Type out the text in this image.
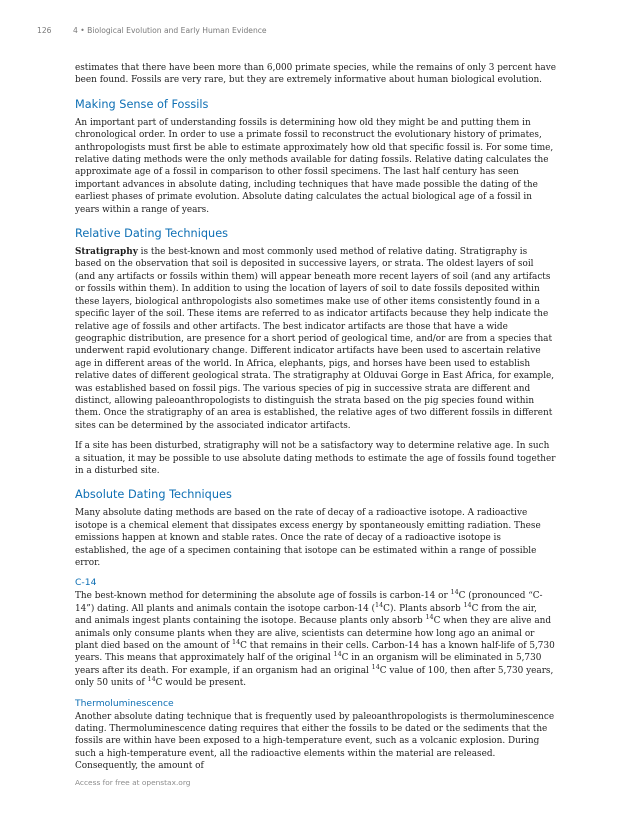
126	4 • Biological Evolution and Early Human Evidence

estimates that there have been more than 6,000 primate species, while the remains of only 3 percent have been found. Fossils are very rare, but they are extremely informative about human biological evolution.

Making Sense of Fossils

An important part of understanding fossils is determining how old they might be and putting them in chronological order. In order to use a primate fossil to reconstruct the evolutionary history of primates, anthropologists must first be able to estimate approximately how old that specific fossil is. For some time, relative dating methods were the only methods available for dating fossils. Relative dating calculates the approximate age of a fossil in comparison to other fossil specimens. The last half century has seen important advances in absolute dating, including techniques that have made possible the dating of the earliest phases of primate evolution. Absolute dating calculates the actual biological age of a fossil in years within a range of years.

Relative Dating Techniques

Stratigraphy is the best-known and most commonly used method of relative dating. Stratigraphy is based on the observation that soil is deposited in successive layers, or strata. The oldest layers of soil (and any artifacts or fossils within them) will appear beneath more recent layers of soil (and any artifacts or fossils within them). In addition to using the location of layers of soil to date fossils deposited within these layers, biological anthropologists also sometimes make use of other items consistently found in a specific layer of the soil. These items are referred to as indicator artifacts because they help indicate the relative age of fossils and other artifacts. The best indicator artifacts are those that have a wide geographic distribution, are presence for a short period of geological time, and/or are from a species that underwent rapid evolutionary change. Different indicator artifacts have been used to ascertain relative age in different areas of the world. In Africa, elephants, pigs, and horses have been used to establish relative dates of different geological strata. The stratigraphy at Olduvai Gorge in East Africa, for example, was established based on fossil pigs. The various species of pig in successive strata are different and distinct, allowing paleoanthropologists to distinguish the strata based on the pig species found within them. Once the stratigraphy of an area is established, the relative ages of two different fossils in different sites can be determined by the associated indicator artifacts.

If a site has been disturbed, stratigraphy will not be a satisfactory way to determine relative age. In such a situation, it may be possible to use absolute dating methods to estimate the age of fossils found together in a disturbed site.

Absolute Dating Techniques

Many absolute dating methods are based on the rate of decay of a radioactive isotope. A radioactive isotope is a chemical element that dissipates excess energy by spontaneously emitting radiation. These emissions happen at known and stable rates. Once the rate of decay of a radioactive isotope is established, the age of a specimen containing that isotope can be estimated within a range of possible error.

C-14

The best-known method for determining the absolute age of fossils is carbon-14 or $^{14}$C (pronounced “C-14”) dating. All plants and animals contain the isotope carbon-14 ($^{14}$C). Plants absorb $^{14}$C from the air, and animals ingest plants containing the isotope. Because plants only absorb $^{14}$C when they are alive and animals only consume plants when they are alive, scientists can determine how long ago an animal or plant died based on the amount of $^{14}$C that remains in their cells. Carbon-14 has a known half-life of 5,730 years. This means that approximately half of the original $^{14}$C in an organism will be eliminated in 5,730 years after its death. For example, if an organism had an original $^{14}$C value of 100, then after 5,730 years, only 50 units of $^{14}$C would be present.

Thermoluminescence

Another absolute dating technique that is frequently used by paleoanthropologists is thermoluminescence dating. Thermoluminescence dating requires that either the fossils to be dated or the sediments that the fossils are within have been exposed to a high-temperature event, such as a volcanic explosion. During such a high-temperature event, all the radioactive elements within the material are released. Consequently, the amount of

Access for free at openstax.org
